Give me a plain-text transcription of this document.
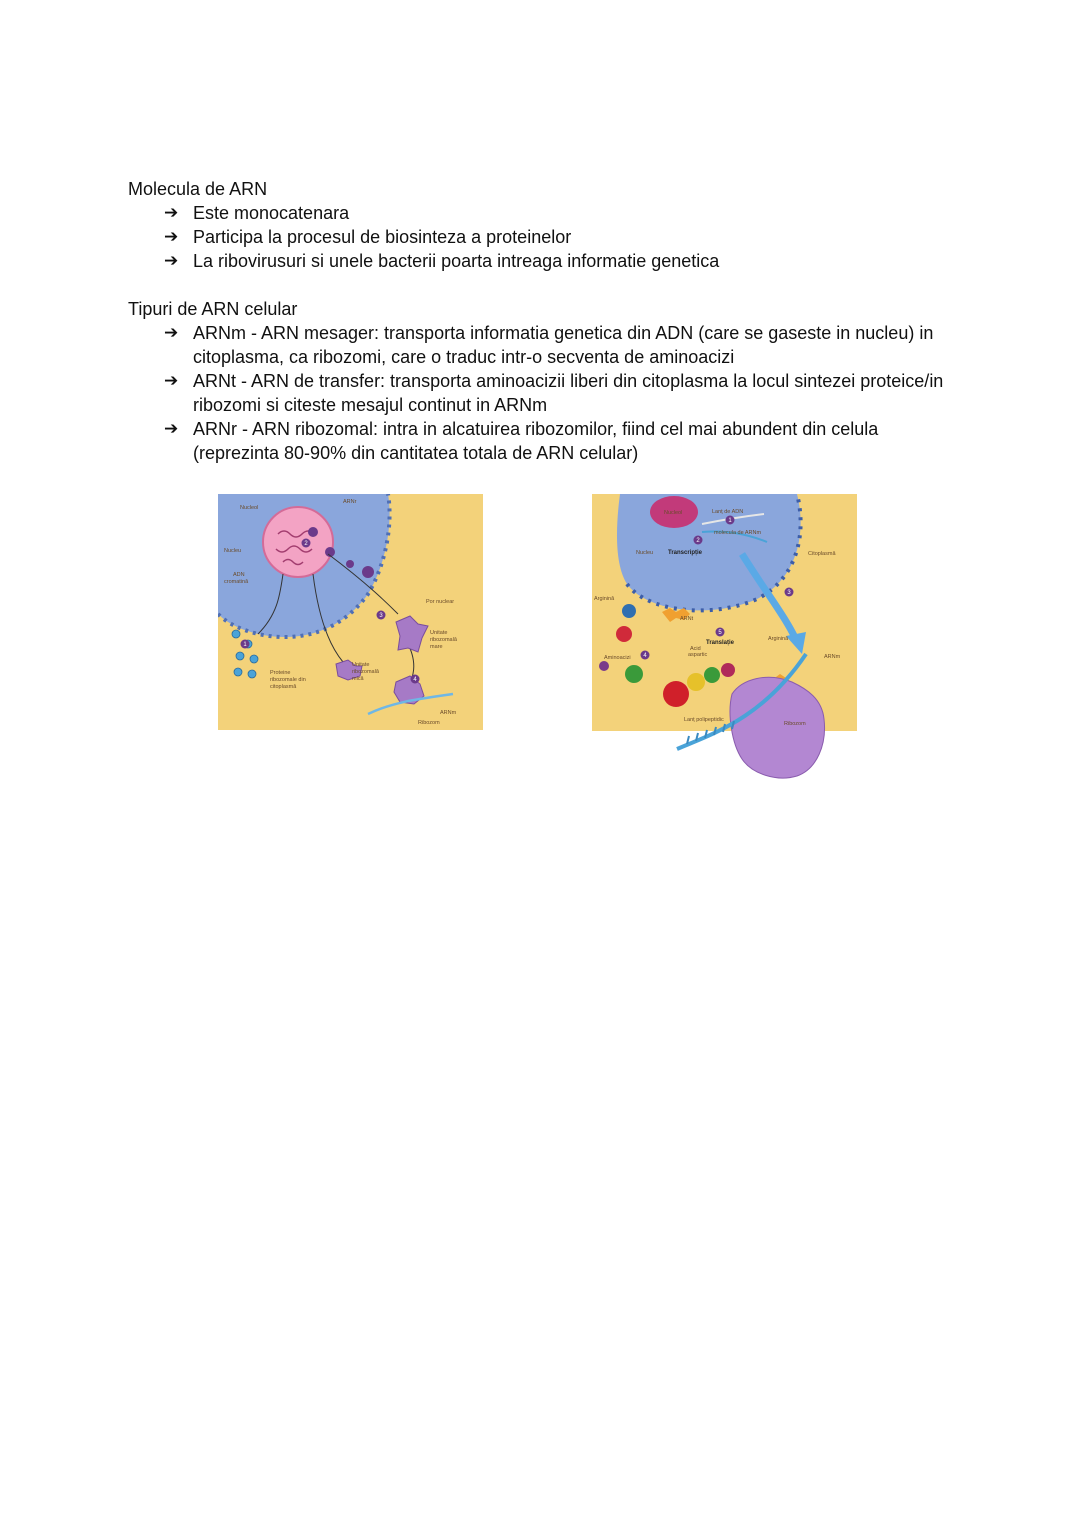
Molecula de ARN

➔ Este monocatenara
➔ Participa la procesul de biosinteza a proteinelor
➔ La ribovirusuri si unele bacterii poarta intreaga informatie genetica

Tipuri de ARN celular

➔ ARNm - ARN mesager: transporta informatia genetica din ADN (care se gaseste in nucleu) in citoplasma, ca ribozomi, care o traduc intr-o secventa de aminoacizi
➔ ARNt - ARN de transfer: transporta aminoacizii liberi din citoplasma la locul sintezei proteice/in ribozomi si citeste mesajul continut in ARNm
➔ ARNr - ARN ribozomal: intra in alcatuirea ribozomilor, fiind cel mai abundent din celula (reprezinta 80-90% din cantitatea totala de ARN celular)
1
2
3
4
Nucleol
ARNr
Nucleu
ADN
cromatină
Por nuclear
Unitate
ribozomală
mare
Unitate
ribozomală
mică
Proteine
ribozomale din
citoplasmă
ARNm
Ribozom
1
2
3
4
5
Nucleol	Lanț de ADN
molecula de ARNm
Nucleu Transcripție	Citoplasmă
Arginină
ARNt
Translație
Arginină
Aminoacizi
Acid
aspartic	ARNm
Lanț polipeptidic
Ribozom
